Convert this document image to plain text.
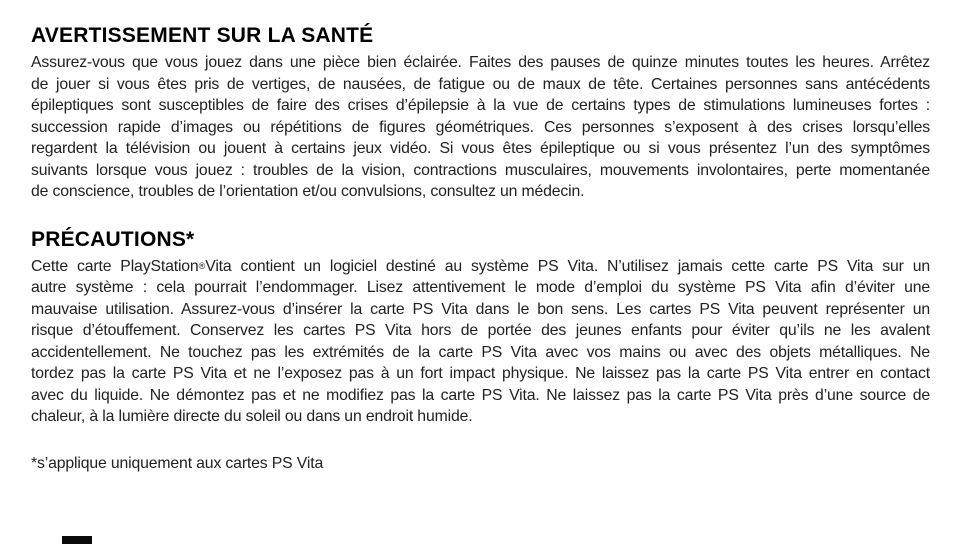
AVERTISSEMENT SUR LA SANTÉ
Assurez-vous que vous jouez dans une pièce bien éclairée. Faites des pauses de quinze minutes toutes les heures. Arrêtez
de jouer si vous êtes pris de vertiges, de nausées, de fatigue ou de maux de tête. Certaines personnes sans antécédents
épileptiques sont susceptibles de faire des crises d’épilepsie à la vue de certains types de stimulations lumineuses fortes :
succession rapide d’images ou répétitions de figures géométriques. Ces personnes s’exposent à des crises lorsqu’elles
regardent la télévision ou jouent à certains jeux vidéo. Si vous êtes épileptique ou si vous présentez l’un des symptômes
suivants lorsque vous jouez : troubles de la vision, contractions musculaires, mouvements involontaires, perte momentanée
de conscience, troubles de l’orientation et/ou convulsions, consultez un médecin.
PRÉCAUTIONS*
Cette carte PlayStation®Vita contient un logiciel destiné au système PS Vita. N’utilisez jamais cette carte PS Vita sur un
autre système : cela pourrait l’endommager. Lisez attentivement le mode d’emploi du système PS Vita afin d’éviter une
mauvaise utilisation. Assurez-vous d’insérer la carte PS Vita dans le bon sens. Les cartes PS Vita peuvent représenter un
risque d’étouffement. Conservez les cartes PS Vita hors de portée des jeunes enfants pour éviter qu’ils ne les avalent
accidentellement. Ne touchez pas les extrémités de la carte PS Vita avec vos mains ou avec des objets métalliques. Ne
tordez pas la carte PS Vita et ne l’exposez pas à un fort impact physique. Ne laissez pas la carte PS Vita entrer en contact
avec du liquide. Ne démontez pas et ne modifiez pas la carte PS Vita. Ne laissez pas la carte PS Vita près d’une source de
chaleur, à la lumière directe du soleil ou dans un endroit humide.
*s’applique uniquement aux cartes PS Vita
